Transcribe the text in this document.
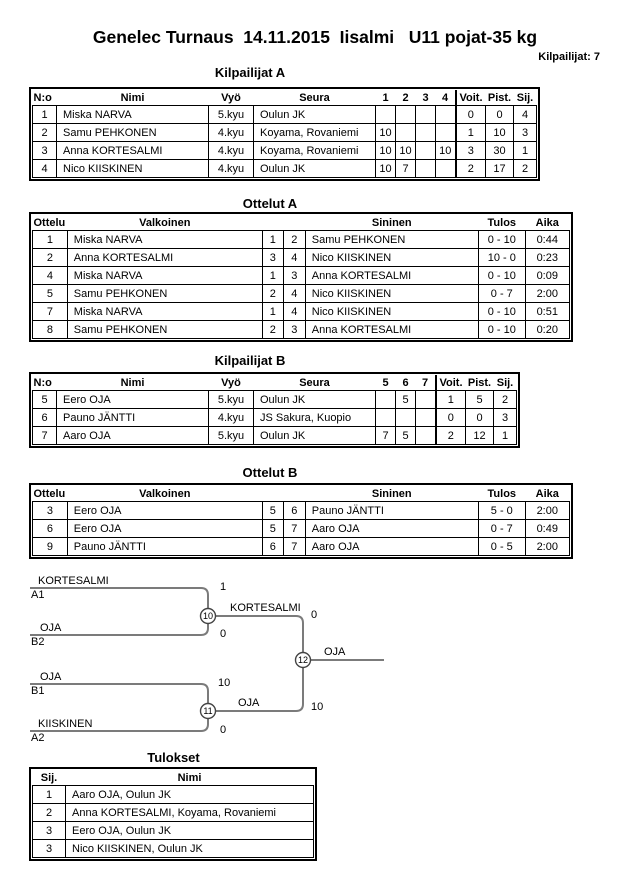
Genelec Turnaus  14.11.2015  Iisalmi   U11 pojat-35 kg
Kilpailijat: 7
Kilpailijat A
N:o	Nimi	Vyö	Seura	1	2	3	4	Voit.	Pist.	Sij.
1	Miska NARVA	5.kyu	Oulun JK					0	0	4
2	Samu PEHKONEN	4.kyu	Koyama, Rovaniemi	10				1	10	3
3	Anna KORTESALMI	4.kyu	Koyama, Rovaniemi	10	10		10	3	30	1
4	Nico KIISKINEN	4.kyu	Oulun JK	10	7			2	17	2
Ottelut A
Ottelu	Valkoinen			Sininen	Tulos	Aika
1	Miska NARVA	1	2	Samu PEHKONEN	0 - 10	0:44
2	Anna KORTESALMI	3	4	Nico KIISKINEN	10 - 0	0:23
4	Miska NARVA	1	3	Anna KORTESALMI	0 - 10	0:09
5	Samu PEHKONEN	2	4	Nico KIISKINEN	0 - 7	2:00
7	Miska NARVA	1	4	Nico KIISKINEN	0 - 10	0:51
8	Samu PEHKONEN	2	3	Anna KORTESALMI	0 - 10	0:20
Kilpailijat B
N:o	Nimi	Vyö	Seura	5	6	7	Voit.	Pist.	Sij.
5	Eero OJA	5.kyu	Oulun JK		5		1	5	2
6	Pauno JÄNTTI	4.kyu	JS Sakura, Kuopio				0	0	3
7	Aaro OJA	5.kyu	Oulun JK	7	5		2	12	1
Ottelut B
Ottelu	Valkoinen			Sininen	Tulos	Aika
3	Eero OJA	5	6	Pauno JÄNTTI	5 - 0	2:00
6	Eero OJA	5	7	Aaro OJA	0 - 7	0:49
9	Pauno JÄNTTI	6	7	Aaro OJA	0 - 5	2:00
10
11
12
KORTESALMI
A1
1
OJA
B2
0
KORTESALMI
0
OJA
B1
10
KIISKINEN
A2
0
OJA	10
OJA
Tulokset
Sij.	Nimi
1	Aaro OJA, Oulun JK
2	Anna KORTESALMI, Koyama, Rovaniemi
3	Eero OJA, Oulun JK
3	Nico KIISKINEN, Oulun JK
